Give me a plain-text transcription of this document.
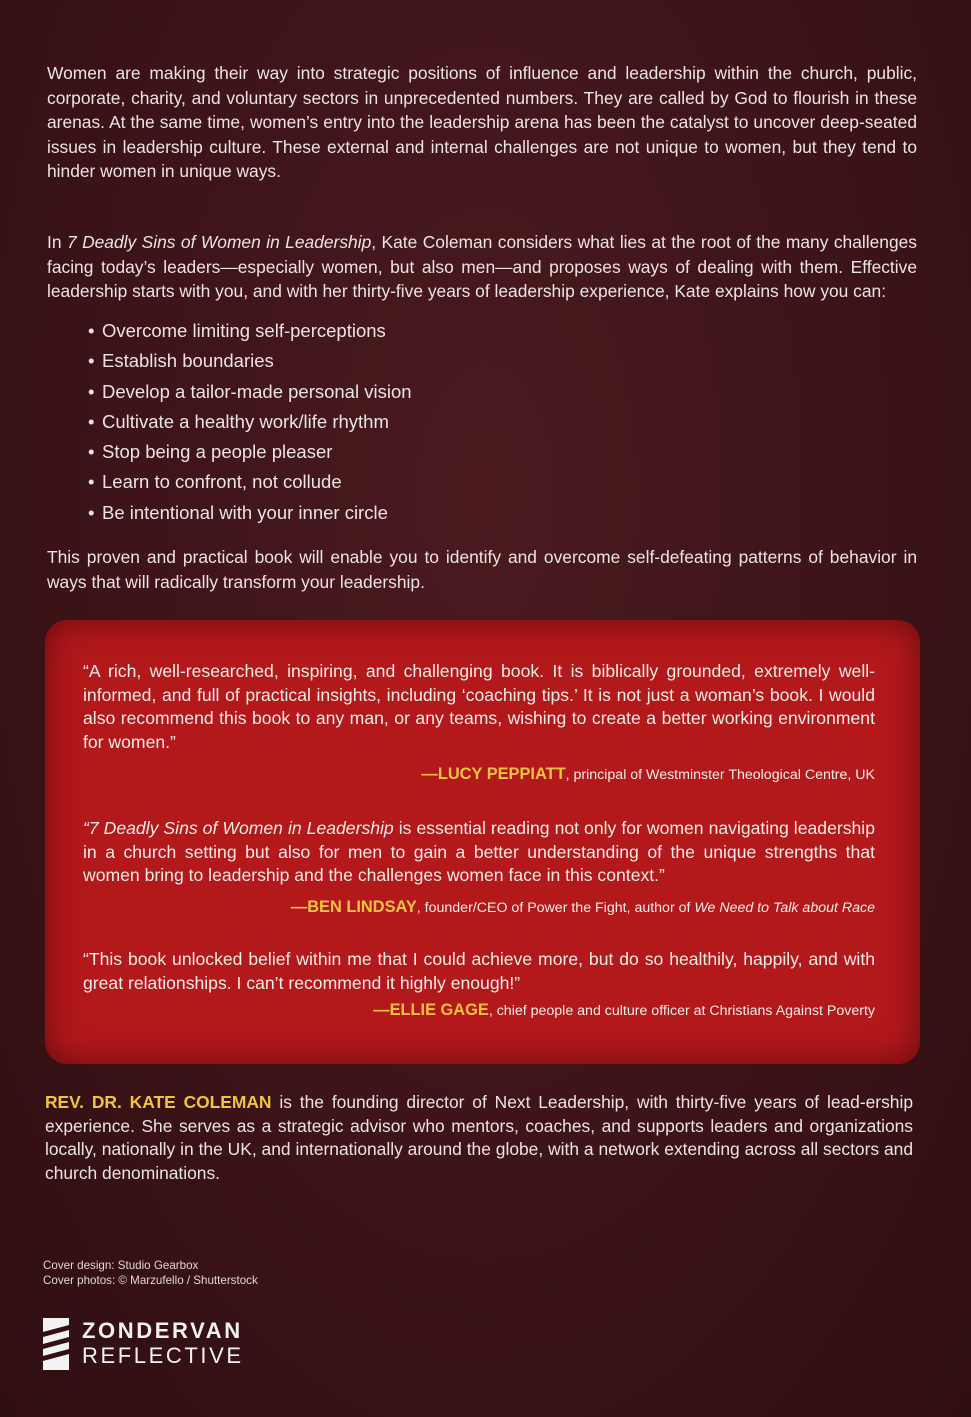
Women are making their way into strategic positions of influence and leadership within the church, public, corporate, charity, and voluntary sectors in unprecedented numbers. They are called by God to flourish in these arenas. At the same time, women’s entry into the leadership arena has been the catalyst to uncover deep-seated issues in leadership culture. These external and internal challenges are not unique to women, but they tend to hinder women in unique ways.

In 7 Deadly Sins of Women in Leadership, Kate Coleman considers what lies at the root of the many challenges facing today’s leaders—especially women, but also men—and proposes ways of dealing with them. Effective leadership starts with you, and with her thirty-five years of leadership experience, Kate explains how you can:

• Overcome limiting self-perceptions
• Establish boundaries
• Develop a tailor-made personal vision
• Cultivate a healthy work/life rhythm
• Stop being a people pleaser
• Learn to confront, not collude
• Be intentional with your inner circle

This proven and practical book will enable you to identify and overcome self-defeating patterns of behavior in ways that will radically transform your leadership.

“A rich, well-researched, inspiring, and challenging book. It is biblically grounded, extremely well-informed, and full of practical insights, including ‘coaching tips.’ It is not just a woman’s book. I would also recommend this book to any man, or any teams, wishing to create a better working environment for women.”

—LUCY PEPPIATT, principal of Westminster Theological Centre, UK

“7 Deadly Sins of Women in Leadership is essential reading not only for women navigating leadership in a church setting but also for men to gain a better understanding of the unique strengths that women bring to leadership and the challenges women face in this context.”

—BEN LINDSAY, founder/CEO of Power the Fight, author of We Need to Talk about Race

“This book unlocked belief within me that I could achieve more, but do so healthily, happily, and with great relationships. I can’t recommend it highly enough!”

—ELLIE GAGE, chief people and culture officer at Christians Against Poverty

REV. DR. KATE COLEMAN is the founding director of Next Leadership, with thirty-five years of lead-ership experience. She serves as a strategic advisor who mentors, coaches, and supports leaders and organizations locally, nationally in the UK, and internationally around the globe, with a network extending across all sectors and church denominations.

Cover design: Studio Gearbox
Cover photos: © Marzufello / Shutterstock
ZONDERVAN
REFLECTIVE
